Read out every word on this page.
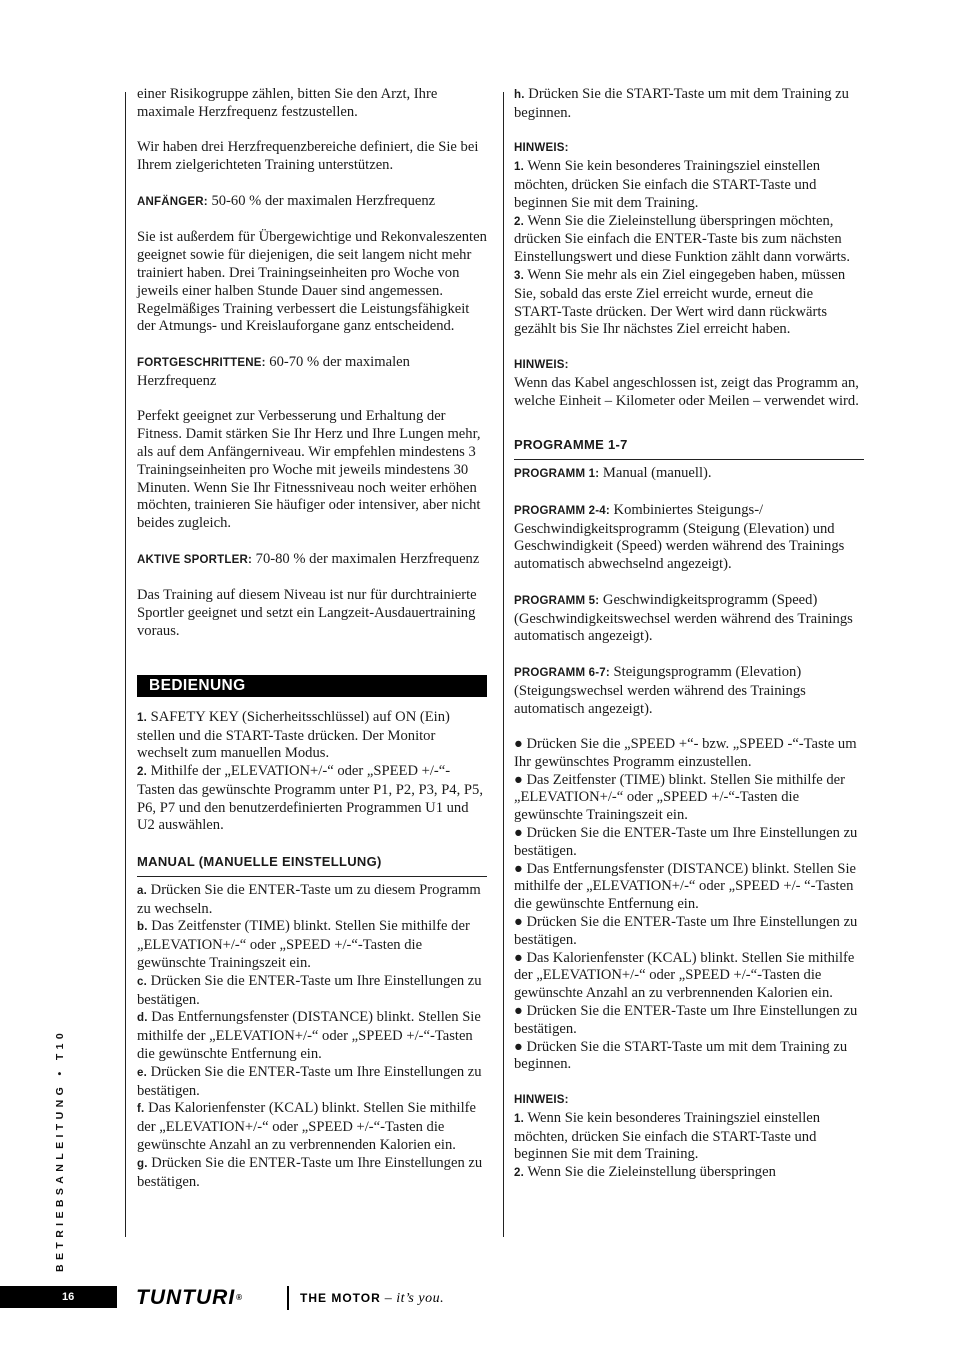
BETRIEBSANLEITUNG • T10

einer Risikogruppe zählen, bitten Sie den Arzt, Ihre maximale Herzfrequenz festzustellen.

Wir haben drei Herzfrequenzbereiche definiert, die Sie bei Ihrem zielgerichteten Training unterstützen.

ANFÄNGER: 50-60 % der maximalen Herzfrequenz

Sie ist außerdem für Übergewichtige und Rekonvaleszenten geeignet sowie für diejenigen, die seit langem nicht mehr trainiert haben. Drei Trainingseinheiten pro Woche von jeweils einer halben Stunde Dauer sind angemessen. Regelmäßiges Training verbessert die Leistungsfähigkeit der Atmungs- und Kreislauforgane ganz entscheidend.

FORTGESCHRITTENE: 60-70 % der maximalen Herzfrequenz

Perfekt geeignet zur Verbesserung und Erhaltung der Fitness. Damit stärken Sie Ihr Herz und Ihre Lungen mehr, als auf dem Anfängerniveau. Wir empfehlen mindestens 3 Trainingseinheiten pro Woche mit jeweils mindestens 30 Minuten. Wenn Sie Ihr Fitnessniveau noch weiter erhöhen möchten, trainieren Sie häufiger oder intensiver, aber nicht beides zugleich.

AKTIVE SPORTLER: 70-80 % der maximalen Herzfrequenz

Das Training auf diesem Niveau ist nur für durchtrainierte Sportler geeignet und setzt ein Langzeit-Ausdauertraining voraus.

BEDIENUNG

1. SAFETY KEY (Sicherheitsschlüssel) auf ON (Ein) stellen und die START-Taste drücken. Der Monitor wechselt zum manuellen Modus.

2. Mithilfe der „ELEVATION+/-“ oder „SPEED +/-“-Tasten das gewünschte Programm unter P1, P2, P3, P4, P5, P6, P7 und den benutzerdefinierten Programmen U1 und U2 auswählen.

MANUAL (MANUELLE EINSTELLUNG)

a. Drücken Sie die ENTER-Taste um zu diesem Programm zu wechseln.

b. Das Zeitfenster (TIME) blinkt. Stellen Sie mithilfe der „ELEVATION+/-“ oder „SPEED +/-“-Tasten die gewünschte Trainingszeit ein.

c. Drücken Sie die ENTER-Taste um Ihre Einstellungen zu bestätigen.

d. Das Entfernungsfenster (DISTANCE) blinkt. Stellen Sie mithilfe der „ELEVATION+/-“ oder „SPEED +/-“-Tasten die gewünschte Entfernung ein.

e. Drücken Sie die ENTER-Taste um Ihre Einstellungen zu bestätigen.

f. Das Kalorienfenster (KCAL) blinkt. Stellen Sie mithilfe der „ELEVATION+/-“ oder „SPEED +/-“-Tasten die gewünschte Anzahl an zu verbrennenden Kalorien ein.

g. Drücken Sie die ENTER-Taste um Ihre Einstellungen zu bestätigen.

h. Drücken Sie die START-Taste um mit dem Training zu beginnen.

HINWEIS:

1. Wenn Sie kein besonderes Trainingsziel einstellen möchten, drücken Sie einfach die START-Taste und beginnen Sie mit dem Training.

2. Wenn Sie die Zieleinstellung überspringen möchten, drücken Sie einfach die ENTER-Taste bis zum nächsten Einstellungswert und diese Funktion zählt dann vorwärts.

3. Wenn Sie mehr als ein Ziel eingegeben haben, müssen Sie, sobald das erste Ziel erreicht wurde, erneut die START-Taste drücken. Der Wert wird dann rückwärts gezählt bis Sie Ihr nächstes Ziel erreicht haben.

HINWEIS:

Wenn das Kabel angeschlossen ist, zeigt das Programm an, welche Einheit – Kilometer oder Meilen – verwendet wird.

PROGRAMME 1-7

PROGRAMM 1: Manual (manuell).

PROGRAMM 2-4: Kombiniertes Steigungs-/ Geschwindigkeitsprogramm (Steigung (Elevation) und Geschwindigkeit (Speed) werden während des Trainings automatisch abwechselnd angezeigt).

PROGRAMM 5: Geschwindigkeitsprogramm (Speed) (Geschwindigkeitswechsel werden während des Trainings automatisch angezeigt).

PROGRAMM 6-7: Steigungsprogramm (Elevation) (Steigungswechsel werden während des Trainings automatisch angezeigt).

● Drücken Sie die „SPEED +“- bzw. „SPEED -“-Taste um Ihr gewünschtes Programm einzustellen.

● Das Zeitfenster (TIME) blinkt. Stellen Sie mithilfe der „ELEVATION+/-“ oder „SPEED +/-“-Tasten die gewünschte Trainingszeit ein.

● Drücken Sie die ENTER-Taste um Ihre Einstellungen zu bestätigen.

● Das Entfernungsfenster (DISTANCE) blinkt. Stellen Sie mithilfe der „ELEVATION+/-“ oder „SPEED +/- “-Tasten die gewünschte Entfernung ein.

● Drücken Sie die ENTER-Taste um Ihre Einstellungen zu bestätigen.

● Das Kalorienfenster (KCAL) blinkt. Stellen Sie mithilfe der „ELEVATION+/-“ oder „SPEED +/-“-Tasten die gewünschte Anzahl an zu verbrennenden Kalorien ein.

● Drücken Sie die ENTER-Taste um Ihre Einstellungen zu bestätigen.

● Drücken Sie die START-Taste um mit dem Training zu beginnen.

HINWEIS:

1. Wenn Sie kein besonderes Trainingsziel einstellen möchten, drücken Sie einfach die START-Taste und beginnen Sie mit dem Training.

2. Wenn Sie die Zieleinstellung überspringen

16	TUNTURI®	THE MOTOR – it’s you.
